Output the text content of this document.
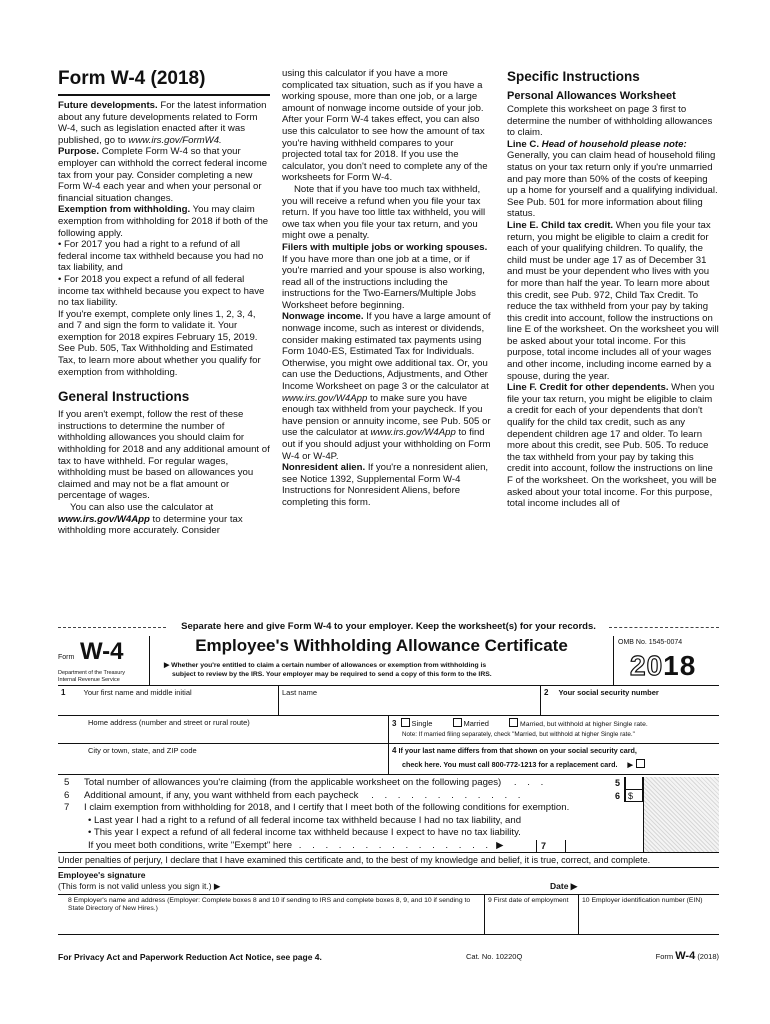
Form W-4 (2018)

Future developments. For the latest information about any future developments related to Form W-4, such as legislation enacted after it was published, go to www.irs.gov/FormW4.

Purpose. Complete Form W-4 so that your employer can withhold the correct federal income tax from your pay. Consider completing a new Form W-4 each year and when your personal or financial situation changes.

Exemption from withholding. You may claim exemption from withholding for 2018 if both of the following apply.

• For 2017 you had a right to a refund of all federal income tax withheld because you had no tax liability, and

• For 2018 you expect a refund of all federal income tax withheld because you expect to have no tax liability.

If you're exempt, complete only lines 1, 2, 3, 4, and 7 and sign the form to validate it. Your exemption for 2018 expires February 15, 2019. See Pub. 505, Tax Withholding and Estimated Tax, to learn more about whether you qualify for exemption from withholding.

General Instructions

If you aren't exempt, follow the rest of these instructions to determine the number of withholding allowances you should claim for withholding for 2018 and any additional amount of tax to have withheld. For regular wages, withholding must be based on allowances you claimed and may not be a flat amount or percentage of wages.

You can also use the calculator at www.irs.gov/W4App to determine your tax withholding more accurately. Consider

using this calculator if you have a more complicated tax situation, such as if you have a working spouse, more than one job, or a large amount of nonwage income outside of your job. After your Form W-4 takes effect, you can also use this calculator to see how the amount of tax you're having withheld compares to your projected total tax for 2018. If you use the calculator, you don't need to complete any of the worksheets for Form W-4.

Note that if you have too much tax withheld, you will receive a refund when you file your tax return. If you have too little tax withheld, you will owe tax when you file your tax return, and you might owe a penalty.

Filers with multiple jobs or working spouses. If you have more than one job at a time, or if you're married and your spouse is also working, read all of the instructions including the instructions for the Two-Earners/Multiple Jobs Worksheet before beginning.

Nonwage income. If you have a large amount of nonwage income, such as interest or dividends, consider making estimated tax payments using Form 1040-ES, Estimated Tax for Individuals. Otherwise, you might owe additional tax. Or, you can use the Deductions, Adjustments, and Other Income Worksheet on page 3 or the calculator at www.irs.gov/W4App to make sure you have enough tax withheld from your paycheck. If you have pension or annuity income, see Pub. 505 or use the calculator at www.irs.gov/W4App to find out if you should adjust your withholding on Form W-4 or W-4P.

Nonresident alien. If you're a nonresident alien, see Notice 1392, Supplemental Form W-4 Instructions for Nonresident Aliens, before completing this form.

Specific Instructions
Personal Allowances Worksheet

Complete this worksheet on page 3 first to determine the number of withholding allowances to claim.

Line C. Head of household please note: Generally, you can claim head of household filing status on your tax return only if you're unmarried and pay more than 50% of the costs of keeping up a home for yourself and a qualifying individual. See Pub. 501 for more information about filing status.

Line E. Child tax credit. When you file your tax return, you might be eligible to claim a credit for each of your qualifying children. To qualify, the child must be under age 17 as of December 31 and must be your dependent who lives with you for more than half the year. To learn more about this credit, see Pub. 972, Child Tax Credit. To reduce the tax withheld from your pay by taking this credit into account, follow the instructions on line E of the worksheet. On the worksheet you will be asked about your total income. For this purpose, total income includes all of your wages and other income, including income earned by a spouse, during the year.

Line F. Credit for other dependents. When you file your tax return, you might be eligible to claim a credit for each of your dependents that don't qualify for the child tax credit, such as any dependent children age 17 and older. To learn more about this credit, see Pub. 505. To reduce the tax withheld from your pay by taking this credit into account, follow the instructions on line F of the worksheet. On the worksheet, you will be asked about your total income. For this purpose, total income includes all of

Separate here and give Form W-4 to your employer. Keep the worksheet(s) for your records.
Form W-4
Department of the Treasury
Internal Revenue Service
Employee's Withholding Allowance Certificate
▶ Whether you're entitled to claim a certain number of allowances or exemption from withholding is
subject to review by the IRS. Your employer may be required to send a copy of this form to the IRS.
OMB No. 1545-0074
2018
1 Your first name and middle initial	Last name	2 Your social security number
Home address (number and street or rural route)	3 Single	Married	Married, but withhold at higher Single rate.
Note: If married filing separately, check "Married, but withhold at higher Single rate."
City or town, state, and ZIP code	4 If your last name differs from that shown on your social security card,
check here. You must call 800-772-1213 for a replacement card. ▶
5	Total number of allowances you're claiming (from the applicable worksheet on the following pages) . . .	5
6	Additional amount, if any, you want withheld from each paycheck . . . . . . . . . . . .	6 $
7	I claim exemption from withholding for 2018, and I certify that I meet both of the following conditions for exemption.
• Last year I had a right to a refund of all federal income tax withheld because I had no tax liability, and
• This year I expect a refund of all federal income tax withheld because I expect to have no tax liability.
If you meet both conditions, write "Exempt" here . . . . . . . . . . . . . . . ▶	7
Under penalties of perjury, I declare that I have examined this certificate and, to the best of my knowledge and belief, it is true, correct, and complete.
Employee's signature
(This form is not valid unless you sign it.) ▶	Date ▶
8 Employer's name and address (Employer: Complete boxes 8 and 10 if sending to IRS and complete boxes 8, 9, and 10 if sending to State Directory of New Hires.)
9 First date of employment	10 Employer identification number (EIN)
For Privacy Act and Paperwork Reduction Act Notice, see page 4.	Cat. No. 10220Q	Form W-4 (2018)
